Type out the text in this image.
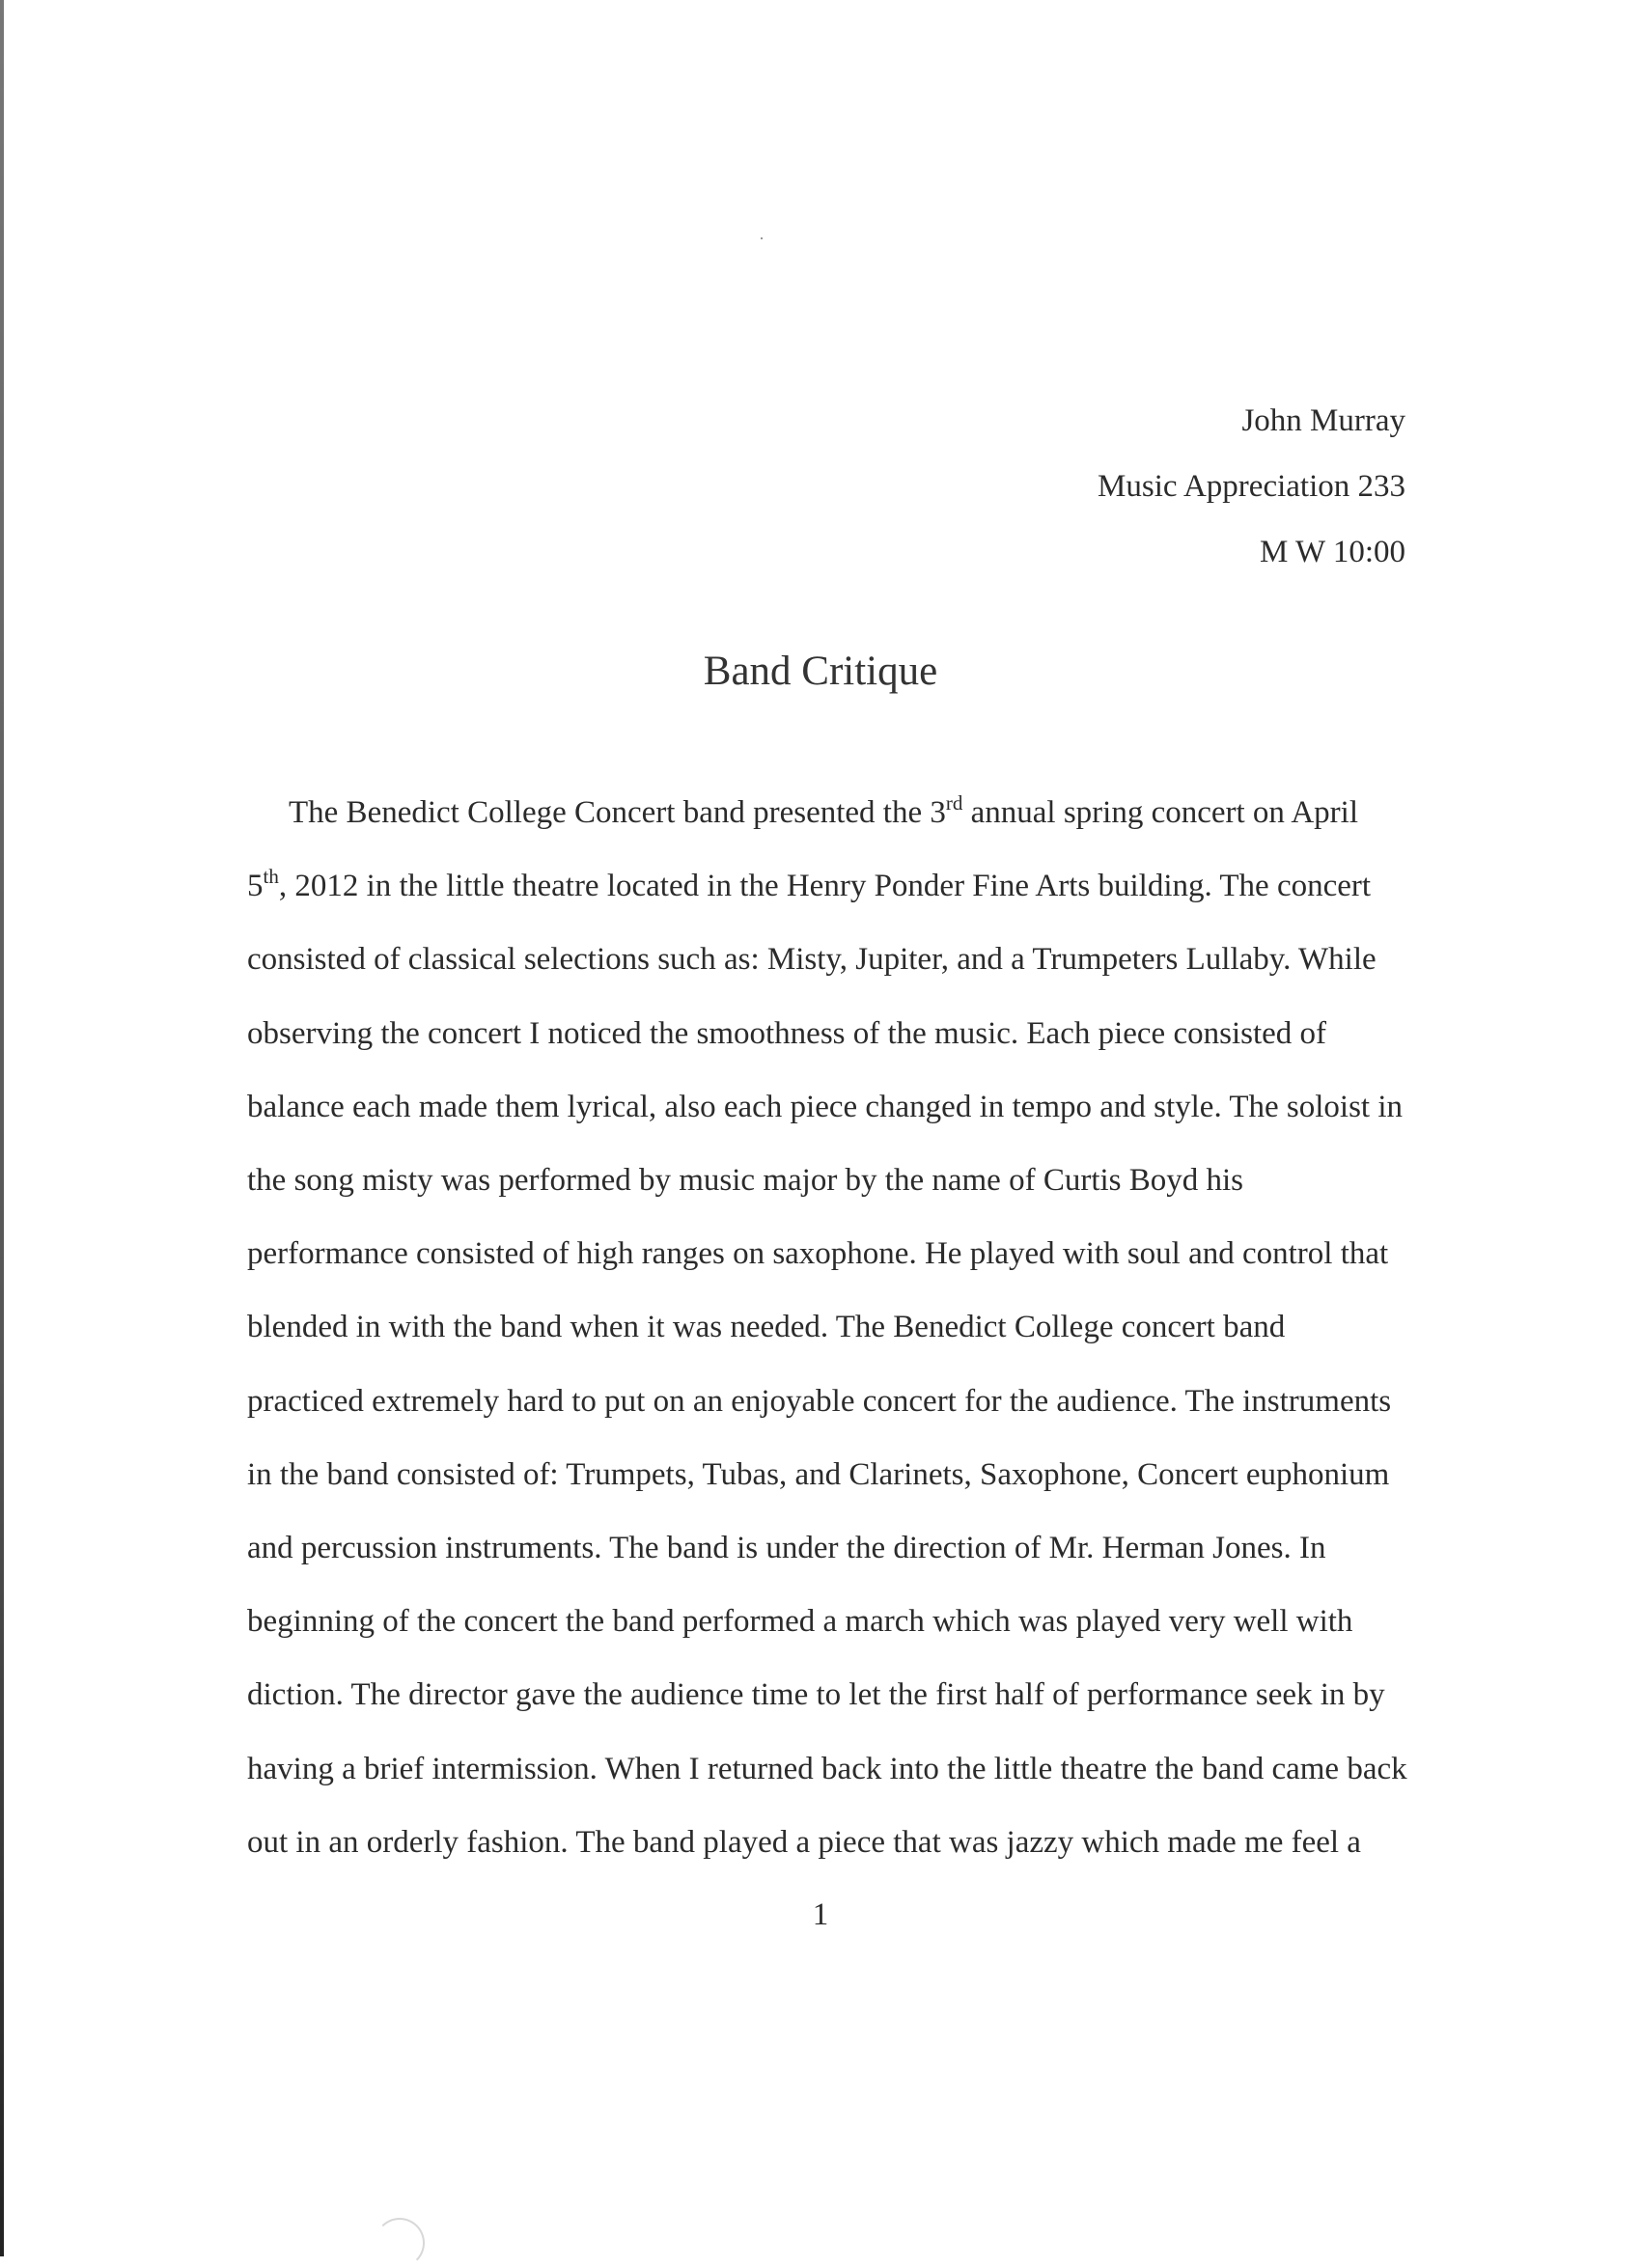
John Murray
Music Appreciation 233
M W 10:00
Band Critique
The Benedict College Concert band presented the 3rd annual spring concert on April
5th, 2012 in the little theatre located in the Henry Ponder Fine Arts building. The concert
consisted of classical selections such as: Misty, Jupiter, and a Trumpeters Lullaby. While
observing the concert I noticed the smoothness of the music. Each piece consisted of
balance each made them lyrical, also each piece changed in tempo and style. The soloist in
the song misty was performed by music major by the name of Curtis Boyd his
performance consisted of high ranges on saxophone. He played with soul and control that
blended in with the band when it was needed. The Benedict College concert band
practiced extremely hard to put on an enjoyable concert for the audience. The instruments
in the band consisted of: Trumpets, Tubas, and Clarinets, Saxophone, Concert euphonium
and percussion instruments. The band is under the direction of Mr. Herman Jones. In
beginning of the concert the band performed a march which was played very well with
diction. The director gave the audience time to let the first half of performance seek in by
having a brief intermission. When I returned back into the little theatre the band came back
out in an orderly fashion. The band played a piece that was jazzy which made me feel a
1
